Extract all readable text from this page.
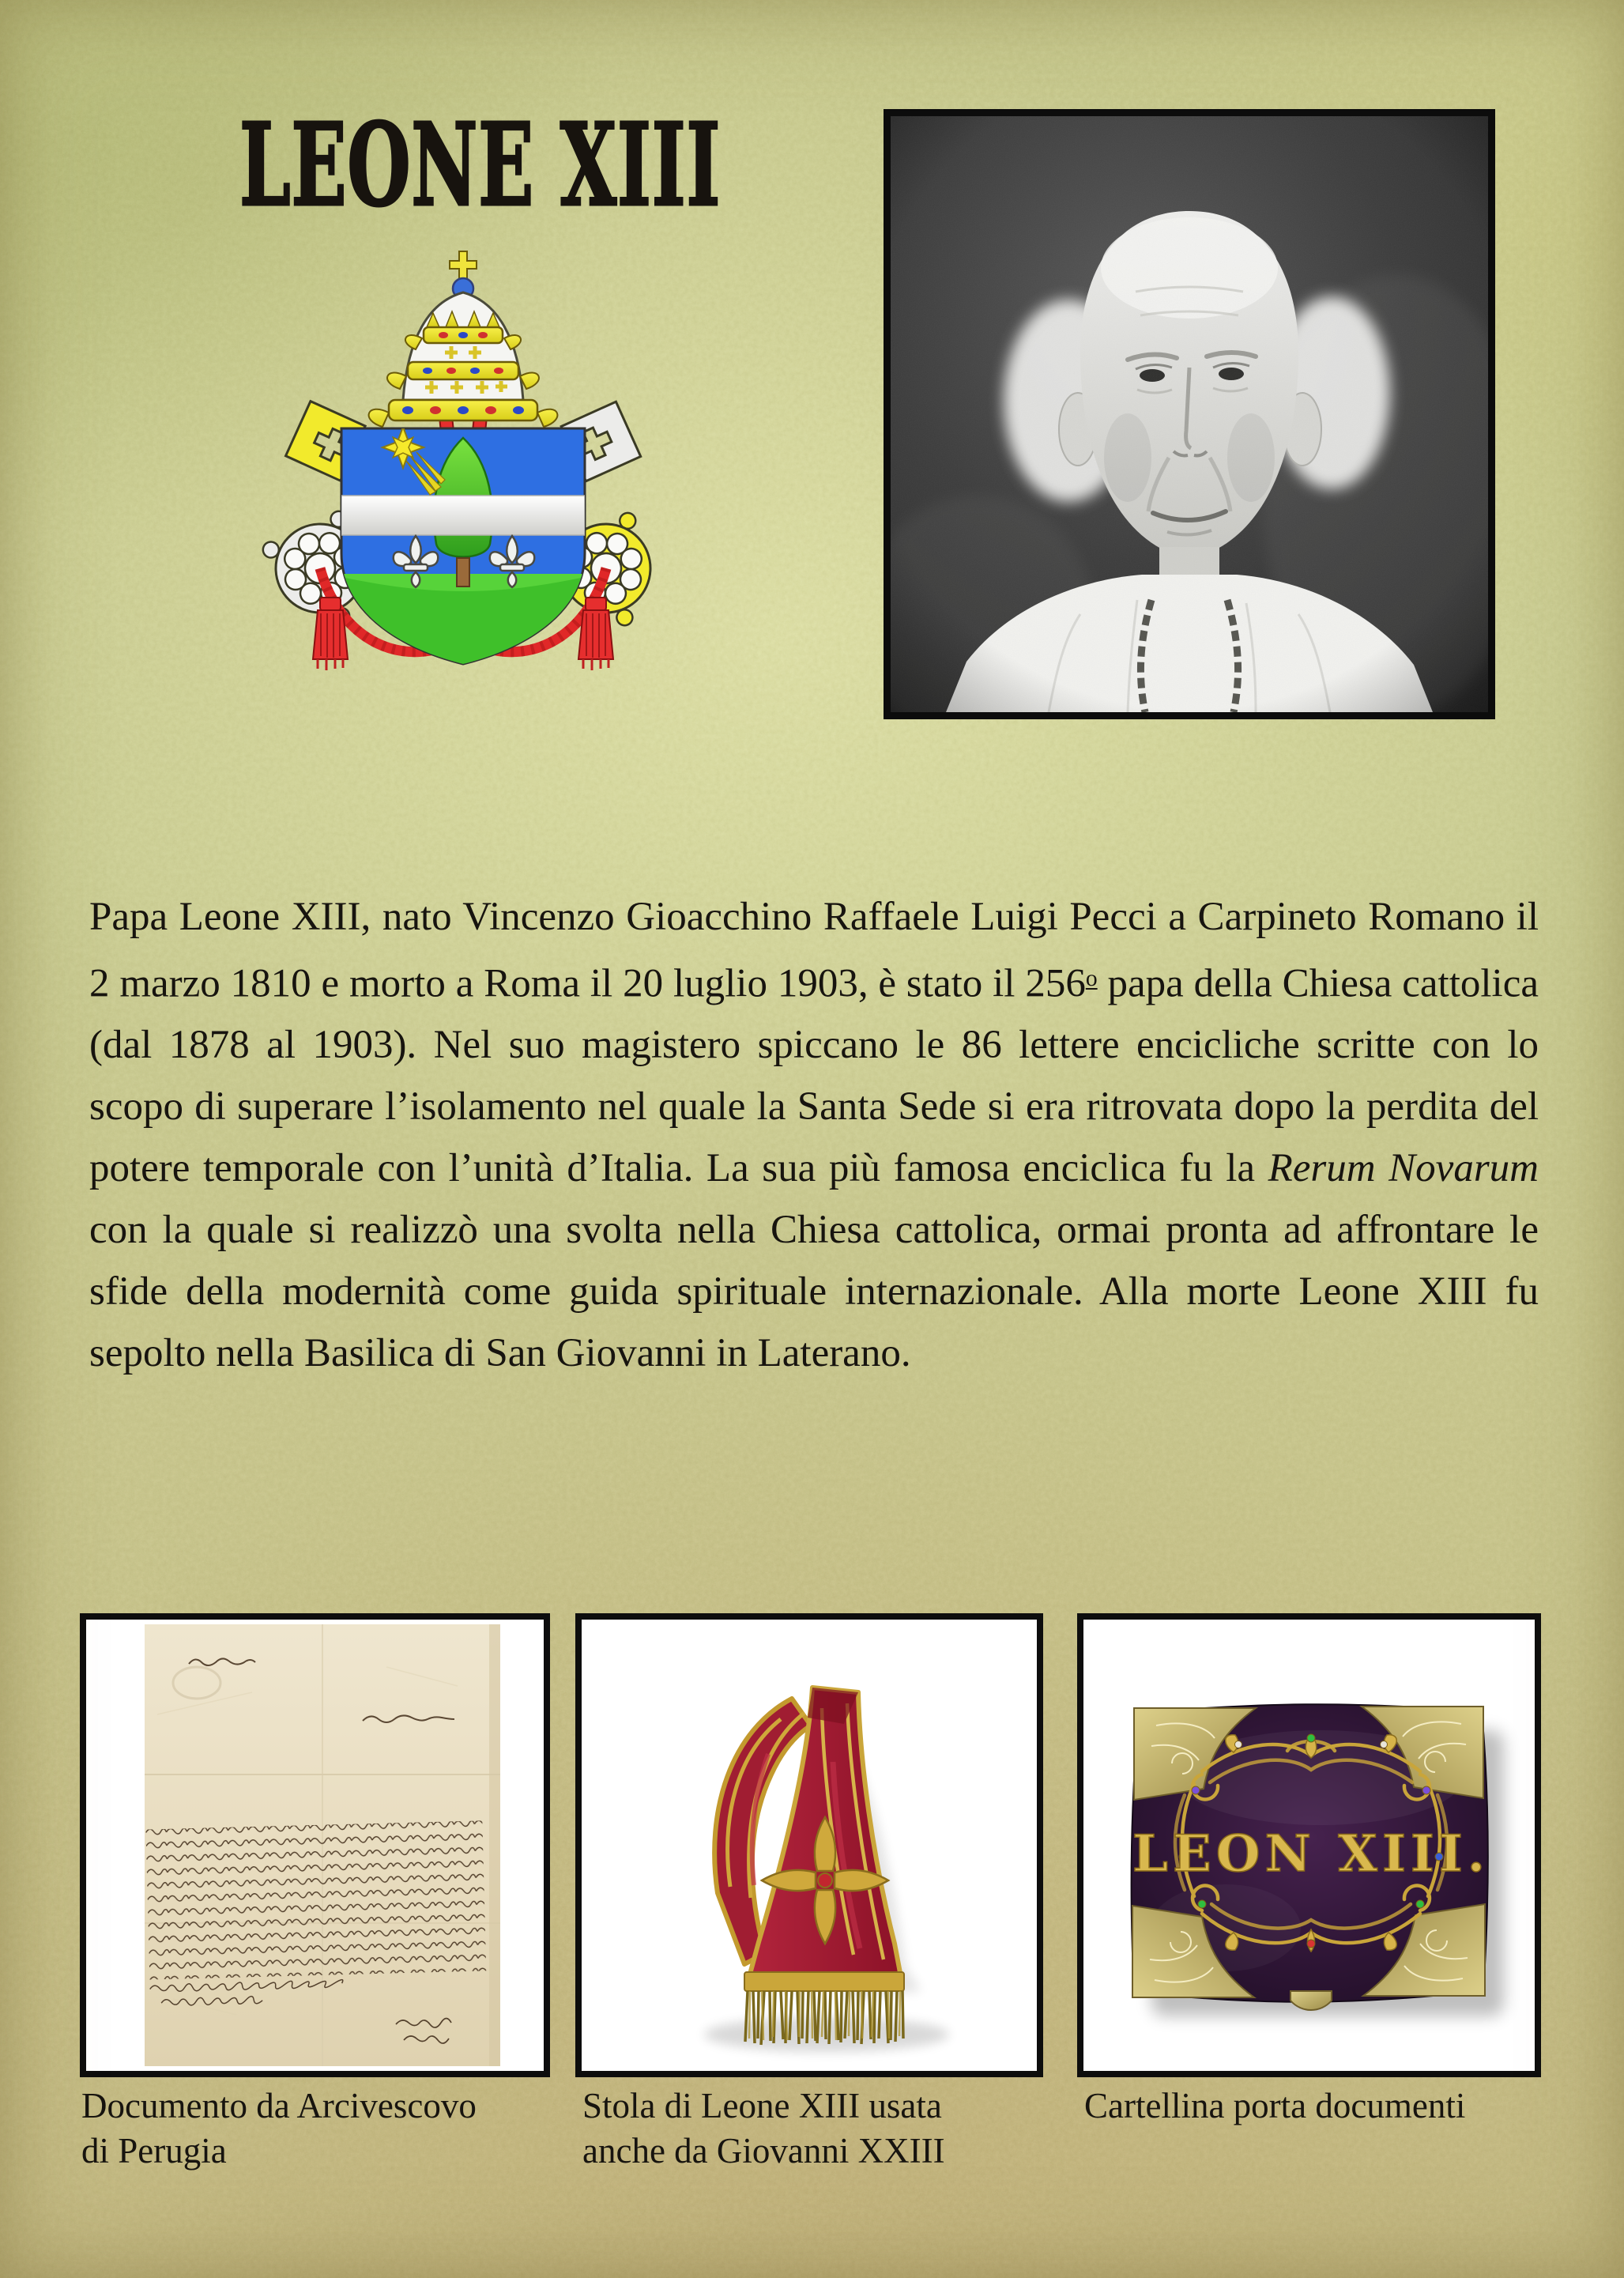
LEONE XIII

Papa Leone XIII, nato Vincenzo Gioacchino Raffaele Luigi Pecci a Carpineto Romano il 2 marzo 1810 e morto a Roma il 20 luglio 1903, è stato il 256$^o$ papa della Chiesa cattolica (dal 1878 al 1903). Nel suo magistero spiccano le 86 lettere encicliche scritte con lo scopo di superare l’isolamento nel quale la Santa Sede si era ritrovata dopo la perdita del potere temporale con l’unità d’Italia. La sua più famosa enciclica fu la Rerum Novarum con la quale si realizzò una svolta nella Chiesa cattolica, ormai pronta ad affrontare le sfide della modernità come guida spirituale internazionale. Alla morte Leone XIII fu sepolto nella Basilica di San Giovanni in Laterano.

LEON XIII.
Documento da Arcivescovo
di Perugia
Stola di Leone XIII usata
anche da Giovanni XXIII
Cartellina porta documenti
